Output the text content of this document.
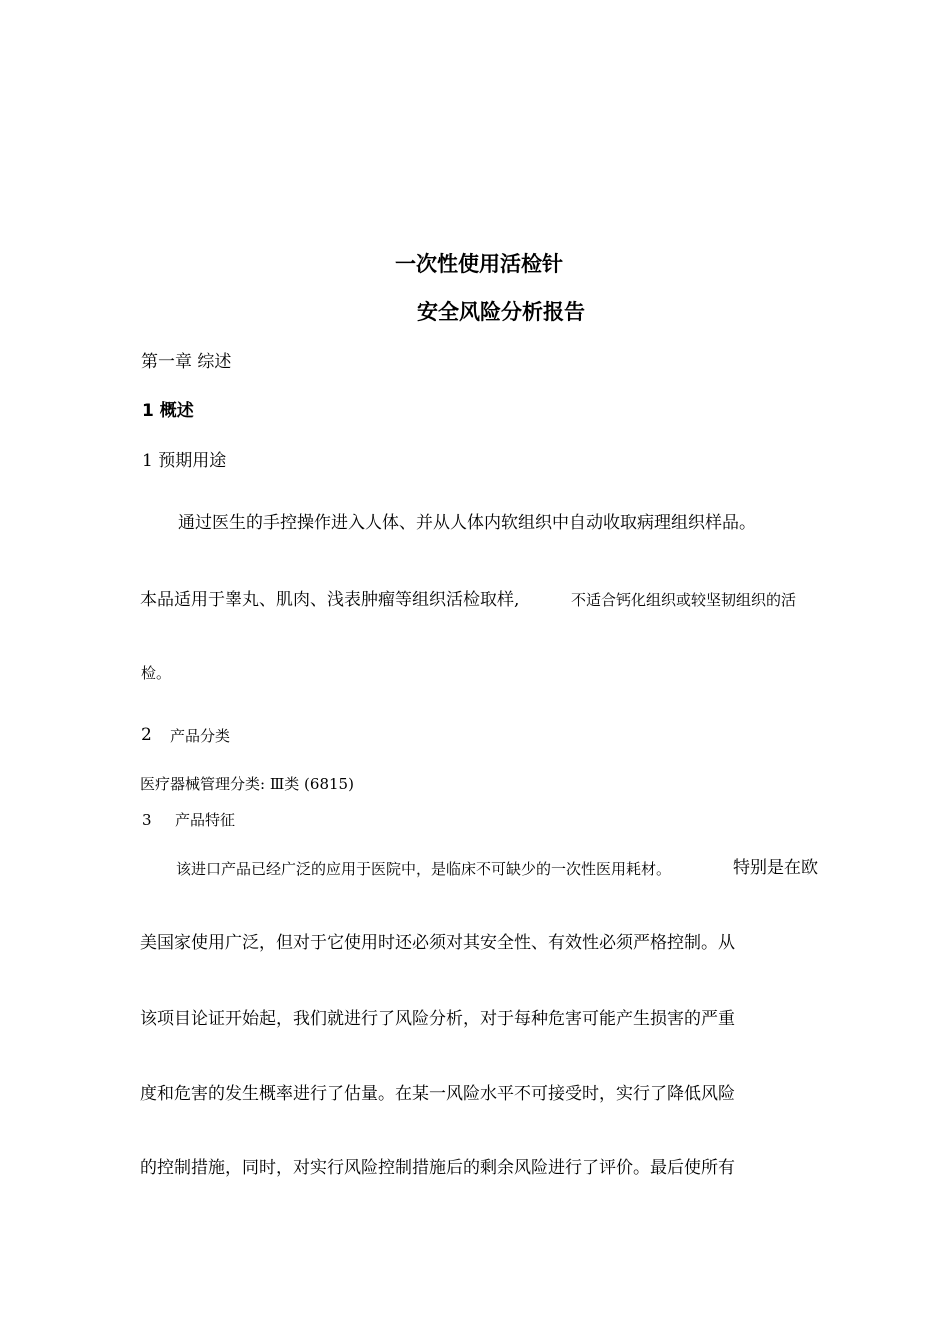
一次性使用活检针
安全风险分析报告
第一章 综述
1 概述
1 预期用途
通过医生的手控操作进入人体、并从人体内软组织中自动收取病理组织样品。
本品适用于睾丸、肌肉、浅表肿瘤等组织活检取样,	不适合钙化组织或较坚韧组织的活
检。
2 产品分类
医疗器械管理分类: Ⅲ类 (6815)
3 产品特征
该进口产品已经广泛的应用于医院中，是临床不可缺少的一次性医用耗材。	特别是在欧
美国家使用广泛，但对于它使用时还必须对其安全性、有效性必须严格控制。从
该项目论证开始起，我们就进行了风险分析，对于每种危害可能产生损害的严重
度和危害的发生概率进行了估量。在某一风险水平不可接受时，实行了降低风险
的控制措施，同时，对实行风险控制措施后的剩余风险进行了评价。最后使所有
